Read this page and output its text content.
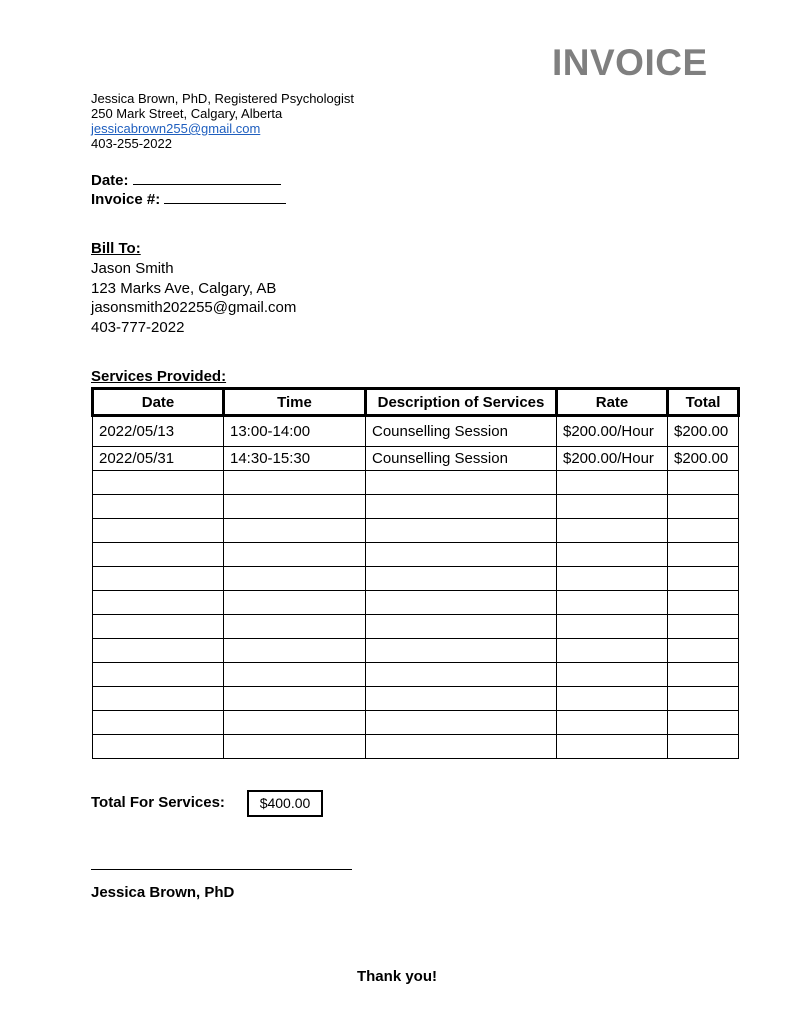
INVOICE
Jessica Brown, PhD, Registered Psychologist
250 Mark Street, Calgary, Alberta
jessicabrown255@gmail.com
403-255-2022
Date:
Invoice #:
Bill To:
Jason Smith
123 Marks Ave, Calgary, AB
jasonsmith202255@gmail.com
403-777-2022
Services Provided:
Date	Time	Description of Services	Rate	Total
2022/05/13	13:00-14:00	Counselling Session	$200.00/Hour	$200.00
2022/05/31	14:30-15:30	Counselling Session	$200.00/Hour	$200.00

Total For Services:	$400.00
Jessica Brown, PhD
Thank you!
